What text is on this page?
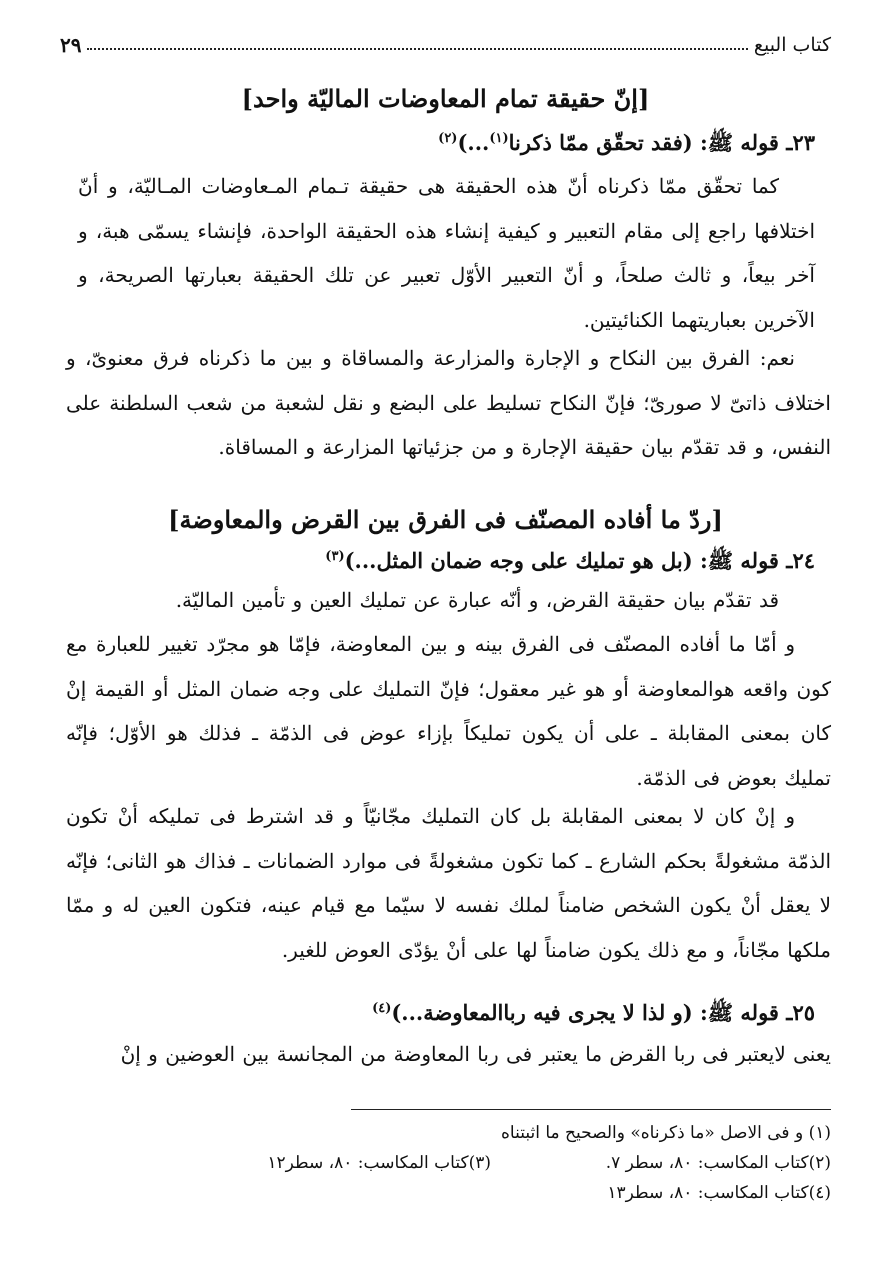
كتاب البيع
٢٩
[إنّ حقيقة تمام المعاوضات الماليّة واحد]
٢٣ـ قوله ﷺ: (فقد تحقّق ممّا ذكرنا$^{(١)}$...)$^{(٢)}$
كما تحقّق ممّا ذكرناه أنّ هذه الحقيقة هى حقيقة تـمام المـعاوضات المـاليّة، و أنّ اختلافها راجع إلى مقام التعبير و كيفية إنشاء هذه الحقيقة الواحدة، فإنشاء يسمّى هبة، و آخر بيعاً، و ثالث صلحاً، و أنّ التعبير الأوّل تعبير عن تلك الحقيقة بعبارتها الصريحة، و الآخرين بعباريتهما الكنائيتين.
نعم: الفرق بين النكاح و الإجارة والمزارعة والمساقاة و بين ما ذكرناه فرق معنوىّ، و اختلاف ذاتىّ لا صورىّ؛ فإنّ النكاح تسليط على البضع و نقل لشعبة من شعب السلطنة على النفس، و قد تقدّم بيان حقيقة الإجارة و من جزئياتها المزارعة و المساقاة.
[ردّ ما أفاده المصنّف فى الفرق بين القرض والمعاوضة]
٢٤ـ قوله ﷺ: (بل هو تمليك على وجه ضمان المثل...)$^{(٣)}$
قد تقدّم بيان حقيقة القرض، و أنّه عبارة عن تمليك العين و تأمين الماليّة.
و أمّا ما أفاده المصنّف فى الفرق بينه و بين المعاوضة، فإمّا هو مجرّد تغيير للعبارة مع كون واقعه هوالمعاوضة أو هو غير معقول؛ فإنّ التمليك على وجه ضمان المثل أو القيمة إنْ كان بمعنى المقابلة ـ على أن يكون تمليكاً بإزاء عوض فى الذمّة ـ فذلك هو الأوّل؛ فإنّه تمليك بعوض فى الذمّة.
و إنْ كان لا بمعنى المقابلة بل كان التمليك مجّانيّاً و قد اشترط فى تمليكه أنْ تكون الذمّة مشغولةً بحكم الشارع ـ كما تكون مشغولةً فى موارد الضمانات ـ فذاك هو الثانى؛ فإنّه لا يعقل أنْ يكون الشخص ضامناً لملك نفسه لا سيّما مع قيام عينه، فتكون العين له و ممّا ملكها مجّاناً، و مع ذلك يكون ضامناً لها على أنْ يؤدّى العوض للغير.
٢٥ـ قوله ﷺ: (و لذا لا يجرى فيه رباالمعاوضة...)$^{(٤)}$
يعنى لايعتبر فى ربا القرض ما يعتبر فى ربا المعاوضة من المجانسة بين العوضين و إنْ
(١) و فى الاصل «ما ذكرناه» والصحيح ما اثبتناه
(٢)كتاب المكاسب: ٨٠، سطر ٧.
(٣)كتاب المكاسب: ٨٠، سطر١٢
(٤)كتاب المكاسب: ٨٠، سطر١٣
